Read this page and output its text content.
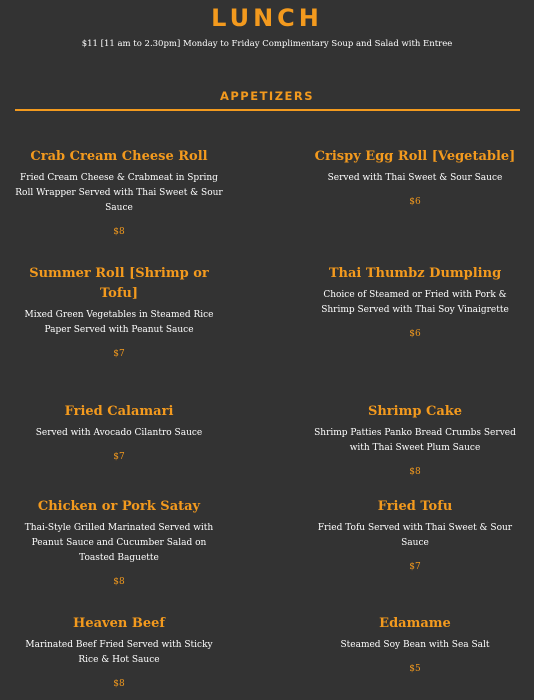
LUNCH
$11 [11 am to 2.30pm] Monday to Friday Complimentary Soup and Salad with Entree
APPETIZERS
Crab Cream Cheese Roll
Fried Cream Cheese & Crabmeat in Spring Roll Wrapper Served with Thai Sweet & Sour Sauce
$8
Crispy Egg Roll [Vegetable]
Served with Thai Sweet & Sour Sauce
$6
Summer Roll [Shrimp or Tofu]
Mixed Green Vegetables in Steamed Rice Paper Served with Peanut Sauce
$7
Thai Thumbz Dumpling
Choice of Steamed or Fried with Pork & Shrimp Served with Thai Soy Vinaigrette
$6
Fried Calamari
Served with Avocado Cilantro Sauce
$7
Shrimp Cake
Shrimp Patties Panko Bread Crumbs Served with Thai Sweet Plum Sauce
$8
Chicken or Pork Satay
Thai-Style Grilled Marinated Served with Peanut Sauce and Cucumber Salad on Toasted Baguette
$8
Fried Tofu
Fried Tofu Served with Thai Sweet & Sour Sauce
$7
Heaven Beef
Marinated Beef Fried Served with Sticky Rice & Hot Sauce
$8
Edamame
Steamed Soy Bean with Sea Salt
$5
